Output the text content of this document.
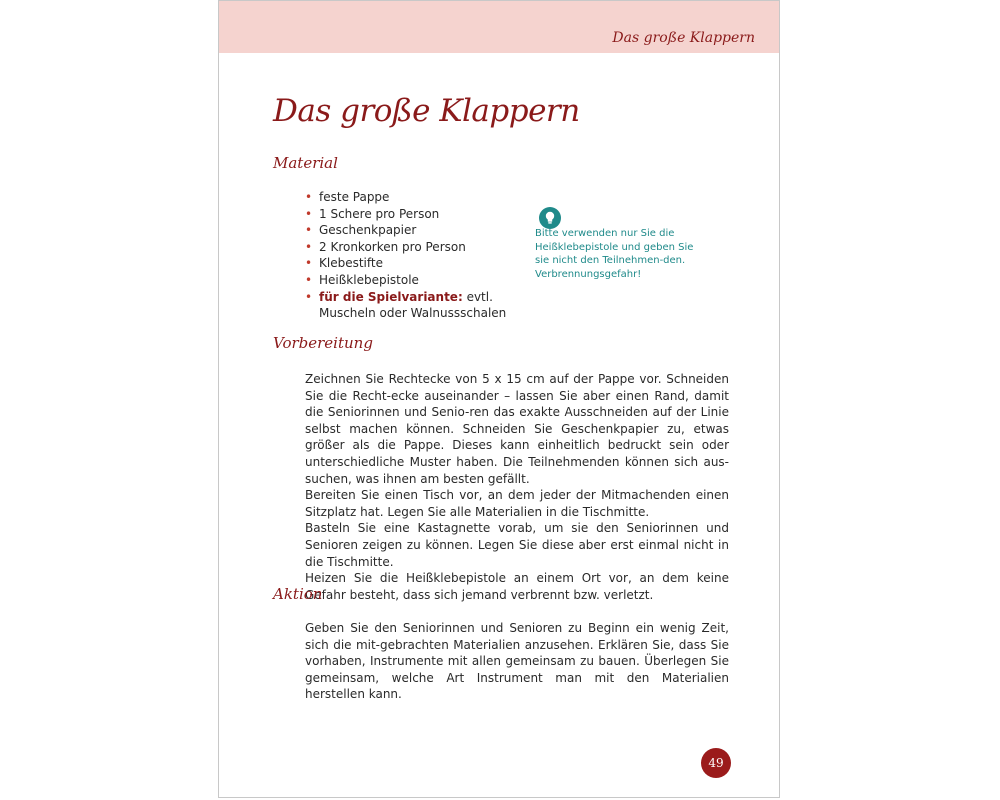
Das große Klappern
Das große Klappern
Material
• feste Pappe
• 1 Schere pro Person
• Geschenkpapier
• 2 Kronkorken pro Person
• Klebestifte
• Heißklebepistole
• für die Spielvariante: evtl. Muscheln oder Walnussschalen
Bitte verwenden nur Sie die Heißklebepistole und geben Sie sie nicht den Teilnehmen-den. Verbrennungsgefahr!
Vorbereitung

Zeichnen Sie Rechtecke von 5 x 15 cm auf der Pappe vor. Schneiden Sie die Recht-ecke auseinander – lassen Sie aber einen Rand, damit die Seniorinnen und Senio-ren das exakte Ausschneiden auf der Linie selbst machen können. Schneiden Sie Geschenkpapier zu, etwas größer als die Pappe. Dieses kann einheitlich bedruckt sein oder unterschiedliche Muster haben. Die Teilnehmenden können sich aus-suchen, was ihnen am besten gefällt.

Bereiten Sie einen Tisch vor, an dem jeder der Mitmachenden einen Sitzplatz hat. Legen Sie alle Materialien in die Tischmitte.

Basteln Sie eine Kastagnette vorab, um sie den Seniorinnen und Senioren zeigen zu können. Legen Sie diese aber erst einmal nicht in die Tischmitte.

Heizen Sie die Heißklebepistole an einem Ort vor, an dem keine Gefahr besteht, dass sich jemand verbrennt bzw. verletzt.

Aktion

Geben Sie den Seniorinnen und Senioren zu Beginn ein wenig Zeit, sich die mit-gebrachten Materialien anzusehen. Erklären Sie, dass Sie vorhaben, Instrumente mit allen gemeinsam zu bauen. Überlegen Sie gemeinsam, welche Art Instrument man mit den Materialien herstellen kann.

49
